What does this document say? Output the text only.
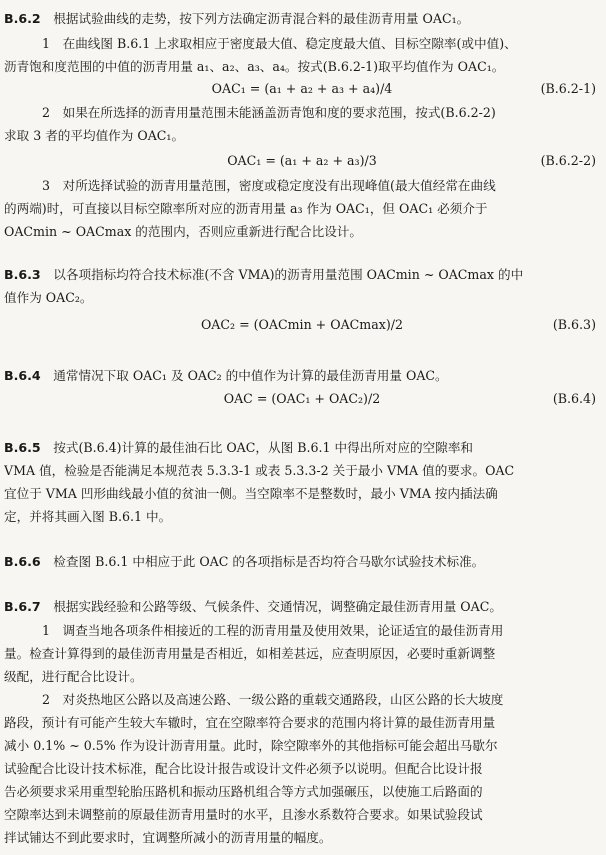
B.6.2　 根据试验曲线的走势，按下列方法确定沥青混合料的最佳沥青用量 OAC₁。
1　在曲线图 B.6.1 上求取相应于密度最大值、稳定度最大值、目标空隙率(或中值)、
沥青饱和度范围的中值的沥青用量 a₁、a₂、a₃、a₄。按式(B.6.2-1)取平均值作为 OAC₁。
OAC₁ = (a₁ + a₂ + a₃ + a₄)/4	(B.6.2-1)
2　如果在所选择的沥青用量范围未能涵盖沥青饱和度的要求范围，按式(B.6.2-2)
求取 3 者的平均值作为 OAC₁。
OAC₁ = (a₁ + a₂ + a₃)/3	(B.6.2-2)
3　对所选择试验的沥青用量范围，密度或稳定度没有出现峰值(最大值经常在曲线
的两端)时，可直接以目标空隙率所对应的沥青用量 a₃ 作为 OAC₁，但 OAC₁ 必须介于
OACmin ~ OACmax 的范围内，否则应重新进行配合比设计。
B.6.3　 以各项指标均符合技术标准(不含 VMA)的沥青用量范围 OACmin ~ OACmax 的中
值作为 OAC₂。
OAC₂ = (OACmin + OACmax)/2	(B.6.3)
B.6.4　 通常情况下取 OAC₁ 及 OAC₂ 的中值作为计算的最佳沥青用量 OAC。
OAC = (OAC₁ + OAC₂)/2	(B.6.4)
B.6.5　 按式(B.6.4)计算的最佳油石比 OAC，从图 B.6.1 中得出所对应的空隙率和
VMA 值，检验是否能满足本规范表 5.3.3-1 或表 5.3.3-2 关于最小 VMA 值的要求。OAC
宜位于 VMA 凹形曲线最小值的贫油一侧。当空隙率不是整数时，最小 VMA 按内插法确
定，并将其画入图 B.6.1 中。
B.6.6　 检查图 B.6.1 中相应于此 OAC 的各项指标是否均符合马歇尔试验技术标准。
B.6.7　 根据实践经验和公路等级、气候条件、交通情况，调整确定最佳沥青用量 OAC。
1　调查当地各项条件相接近的工程的沥青用量及使用效果，论证适宜的最佳沥青用
量。检查计算得到的最佳沥青用量是否相近，如相差甚远，应查明原因，必要时重新调整
级配，进行配合比设计。
2　对炎热地区公路以及高速公路、一级公路的重载交通路段，山区公路的长大坡度
路段，预计有可能产生较大车辙时，宜在空隙率符合要求的范围内将计算的最佳沥青用量
减小 0.1% ~ 0.5% 作为设计沥青用量。此时，除空隙率外的其他指标可能会超出马歇尔
试验配合比设计技术标准，配合比设计报告或设计文件必须予以说明。但配合比设计报
告必须要求采用重型轮胎压路机和振动压路机组合等方式加强碾压，以使施工后路面的
空隙率达到未调整前的原最佳沥青用量时的水平，且渗水系数符合要求。如果试验段试
拌试铺达不到此要求时，宜调整所减小的沥青用量的幅度。
